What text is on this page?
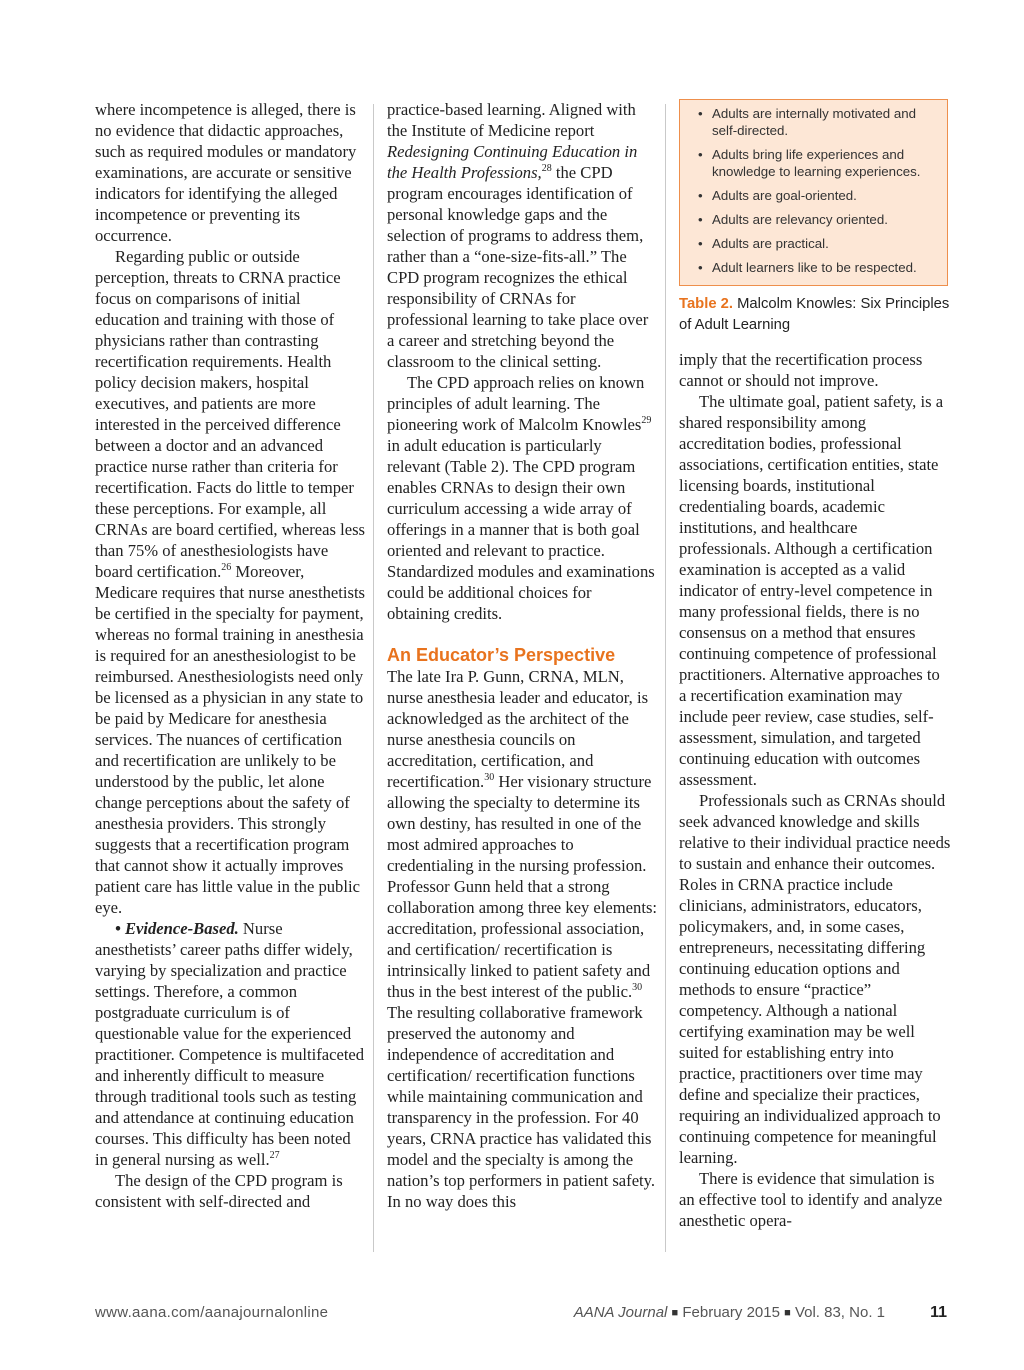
where incompetence is alleged, there is no evidence that didactic approaches, such as required modules or mandatory examinations, are accurate or sensitive indicators for identifying the alleged incompetence or preventing its occurrence.

Regarding public or outside perception, threats to CRNA practice focus on comparisons of initial education and training with those of physicians rather than contrasting recertification requirements. Health policy decision makers, hospital executives, and patients are more interested in the perceived difference between a doctor and an advanced practice nurse rather than criteria for recertification. Facts do little to temper these perceptions. For example, all CRNAs are board certified, whereas less than 75% of anesthesiologists have board certification.$^{26}$ Moreover, Medicare requires that nurse anesthetists be certified in the specialty for payment, whereas no formal training in anesthesia is required for an anesthesiologist to be reimbursed. Anesthesiologists need only be licensed as a physician in any state to be paid by Medicare for anesthesia services. The nuances of certification and recertification are unlikely to be understood by the public, let alone change perceptions about the safety of anesthesia providers. This strongly suggests that a recertification program that cannot show it actually improves patient care has little value in the public eye.

• Evidence-Based. Nurse anesthetists’ career paths differ widely, varying by specialization and practice settings. Therefore, a common postgraduate curriculum is of questionable value for the experienced practitioner. Competence is multifaceted and inherently difficult to measure through traditional tools such as testing and attendance at continuing education courses. This difficulty has been noted in general nursing as well.$^{27}$

The design of the CPD program is consistent with self-directed and

practice-based learning. Aligned with the Institute of Medicine report Redesigning Continuing Education in the Health Professions,$^{28}$ the CPD program encourages identification of personal knowledge gaps and the selection of programs to address them, rather than a “one-size-fits-all.” The CPD program recognizes the ethical responsibility of CRNAs for professional learning to take place over a career and stretching beyond the classroom to the clinical setting.

The CPD approach relies on known principles of adult learning. The pioneering work of Malcolm Knowles$^{29}$ in adult education is particularly relevant (Table 2). The CPD program enables CRNAs to design their own curriculum accessing a wide array of offerings in a manner that is both goal oriented and relevant to practice. Standardized modules and examinations could be additional choices for obtaining credits.

An Educator’s Perspective

The late Ira P. Gunn, CRNA, MLN, nurse anesthesia leader and educator, is acknowledged as the architect of the nurse anesthesia councils on accreditation, certification, and recertification.$^{30}$ Her visionary structure allowing the specialty to determine its own destiny, has resulted in one of the most admired approaches to credentialing in the nursing profession. Professor Gunn held that a strong collaboration among three key elements: accreditation, professional association, and certification/ recertification is intrinsically linked to patient safety and thus in the best interest of the public.$^{30}$ The resulting collaborative framework preserved the autonomy and independence of accreditation and certification/ recertification functions while maintaining communication and transparency in the profession. For 40 years, CRNA practice has validated this model and the specialty is among the nation’s top performers in patient safety. In no way does this

• Adults are internally motivated and self-directed.
• Adults bring life experiences and knowledge to learning experiences.
• Adults are goal-oriented.
• Adults are relevancy oriented.
• Adults are practical.
• Adult learners like to be respected.
Table 2. Malcolm Knowles: Six Principles of Adult Learning

imply that the recertification process cannot or should not improve.

The ultimate goal, patient safety, is a shared responsibility among accreditation bodies, professional associations, certification entities, state licensing boards, institutional credentialing boards, academic institutions, and healthcare professionals. Although a certification examination is accepted as a valid indicator of entry-level competence in many professional fields, there is no consensus on a method that ensures continuing competence of professional practitioners. Alternative approaches to a recertification examination may include peer review, case studies, self-assessment, simulation, and targeted continuing education with outcomes assessment.

Professionals such as CRNAs should seek advanced knowledge and skills relative to their individual practice needs to sustain and enhance their outcomes. Roles in CRNA practice include clinicians, administrators, educators, policymakers, and, in some cases, entrepreneurs, necessitating differing continuing education options and methods to ensure “practice” competency. Although a national certifying examination may be well suited for establishing entry into practice, practitioners over time may define and specialize their practices, requiring an individualized approach to continuing competence for meaningful learning.

There is evidence that simulation is an effective tool to identify and analyze anesthetic opera-

www.aana.com/aanajournalonline	AANA Journal ■ February 2015 ■ Vol. 83, No. 1	11
